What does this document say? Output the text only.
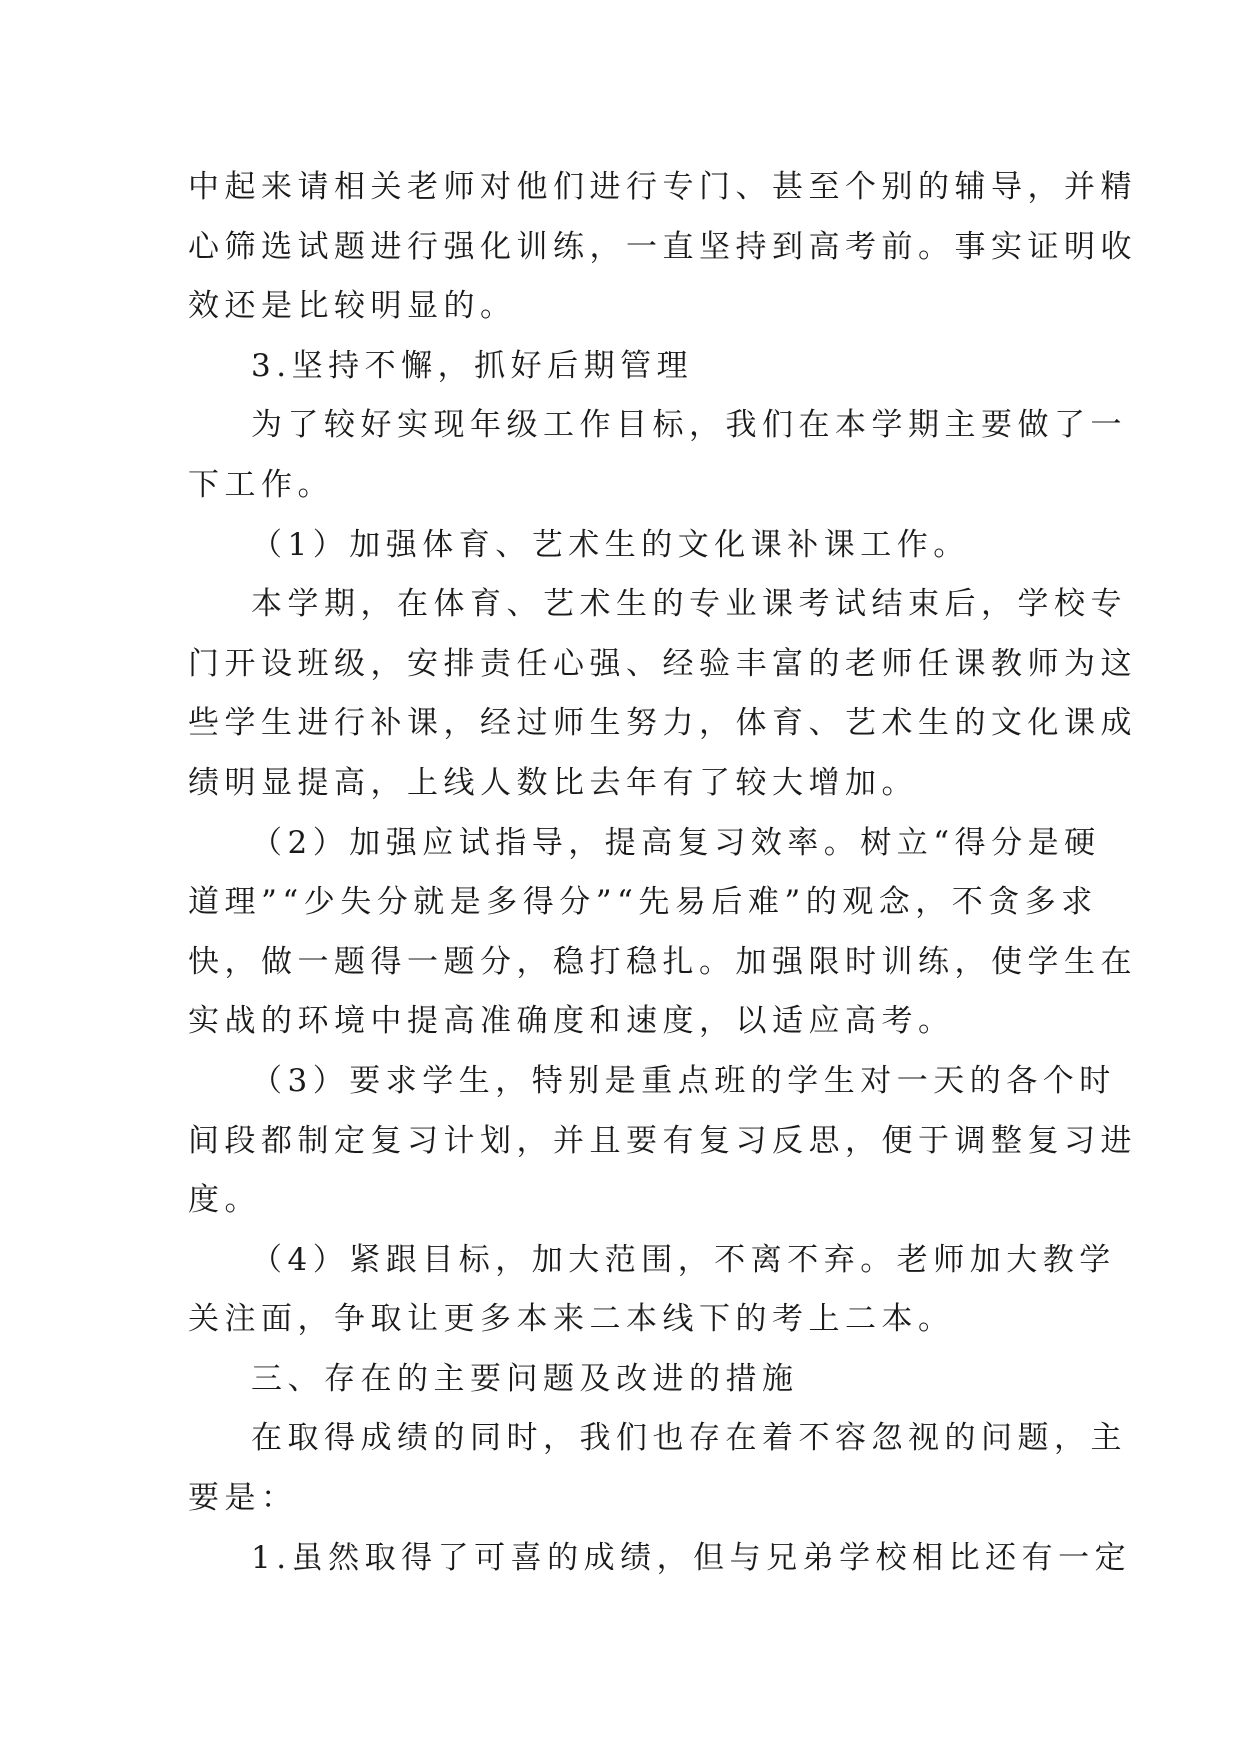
中起来请相关老师对他们进行专门、甚至个别的辅导，并精
心筛选试题进行强化训练，一直坚持到高考前。事实证明收
效还是比较明显的。
3.坚持不懈，抓好后期管理
为了较好实现年级工作目标，我们在本学期主要做了一
下工作。
（1）加强体育、艺术生的文化课补课工作。
本学期，在体育、艺术生的专业课考试结束后，学校专
门开设班级，安排责任心强、经验丰富的老师任课教师为这
些学生进行补课，经过师生努力，体育、艺术生的文化课成
绩明显提高，上线人数比去年有了较大增加。
（2）加强应试指导，提高复习效率。树立“得分是硬
道理”“少失分就是多得分”“先易后难”的观念，不贪多求
快，做一题得一题分，稳打稳扎。加强限时训练，使学生在
实战的环境中提高准确度和速度，以适应高考。
（3）要求学生，特别是重点班的学生对一天的各个时
间段都制定复习计划，并且要有复习反思，便于调整复习进
度。
（4）紧跟目标，加大范围，不离不弃。老师加大教学
关注面，争取让更多本来二本线下的考上二本。
三、存在的主要问题及改进的措施
在取得成绩的同时，我们也存在着不容忽视的问题，主
要是：
1.虽然取得了可喜的成绩，但与兄弟学校相比还有一定
